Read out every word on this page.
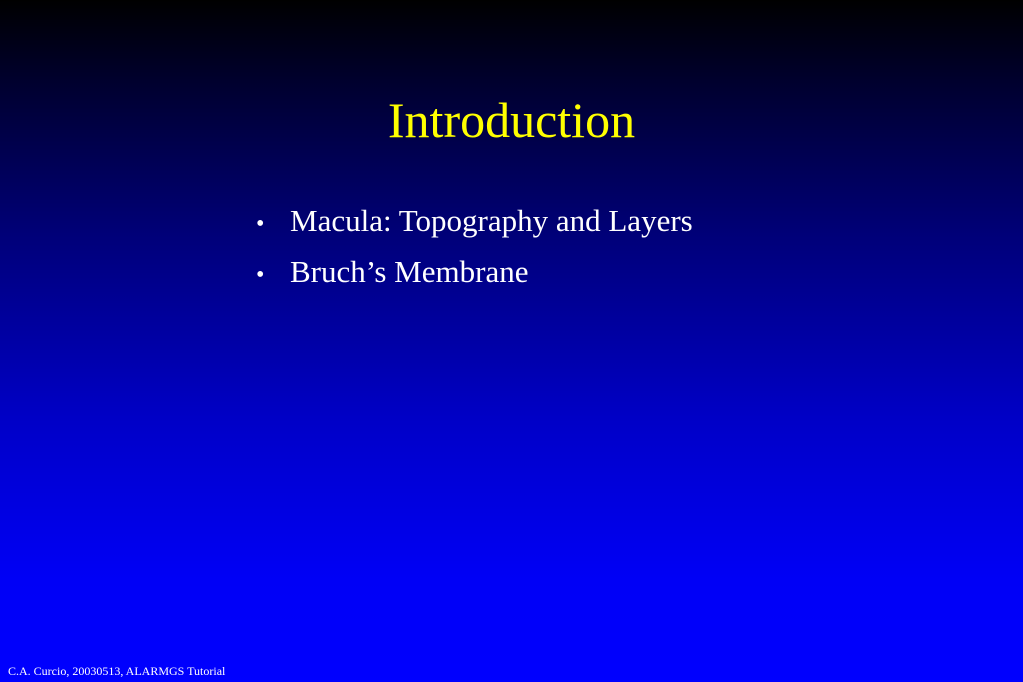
Introduction
• Macula: Topography and Layers
• Bruch’s Membrane
C.A. Curcio, 20030513, ALARMGS Tutorial
